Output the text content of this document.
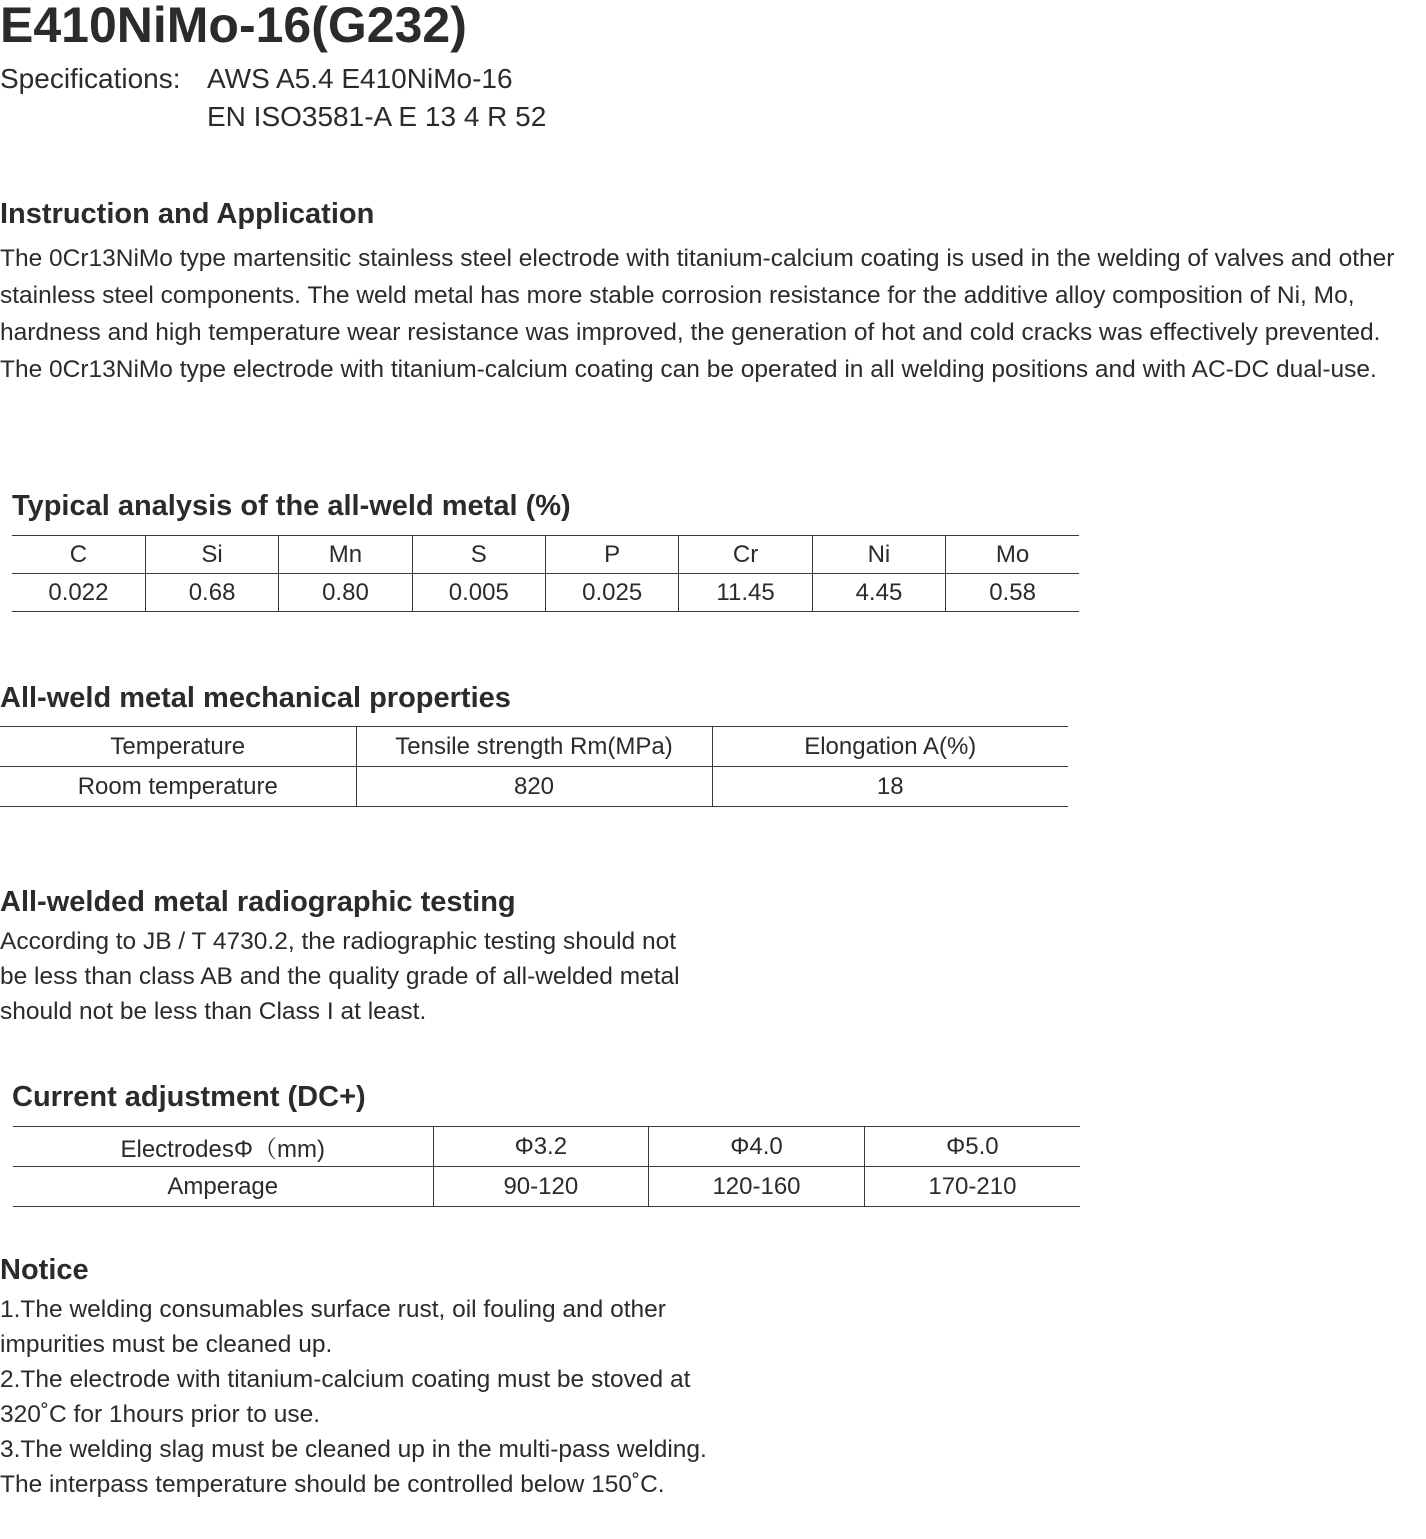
E410NiMo-16(G232)
Specifications: AWS A5.4 E410NiMo-16
EN ISO3581-A E 13 4 R 52
Instruction and Application
The 0Cr13NiMo type martensitic stainless steel electrode with titanium-calcium coating is used in the welding of valves and other stainless steel components. The weld metal has more stable corrosion resistance for the additive alloy composition of Ni, Mo, hardness and high temperature wear resistance was improved, the generation of hot and cold cracks was effectively prevented. The 0Cr13NiMo type electrode with titanium-calcium coating can be operated in all welding positions and with AC-DC dual-use.
Typical analysis of the all-weld metal (%)
C	Si	Mn	S	P	Cr	Ni	Mo
0.022	0.68	0.80	0.005	0.025	11.45	4.45	0.58
All-weld metal mechanical properties
Temperature	Tensile strength Rm(MPa)	Elongation A(%)
Room temperature	820	18
All-welded metal radiographic testing
According to JB / T 4730.2, the radiographic testing should not be less than class AB and the quality grade of all-welded metal should not be less than Class I at least.
Current adjustment (DC+)
ElectrodesΦ（mm)	Φ3.2	Φ4.0	Φ5.0
Amperage	90-120	120-160	170-210
Notice
1.The welding consumables surface rust, oil fouling and other impurities must be cleaned up.
2.The electrode with titanium-calcium coating must be stoved at 320˚C for 1hours prior to use.
3.The welding slag must be cleaned up in the multi-pass welding. The interpass temperature should be controlled below 150˚C.
